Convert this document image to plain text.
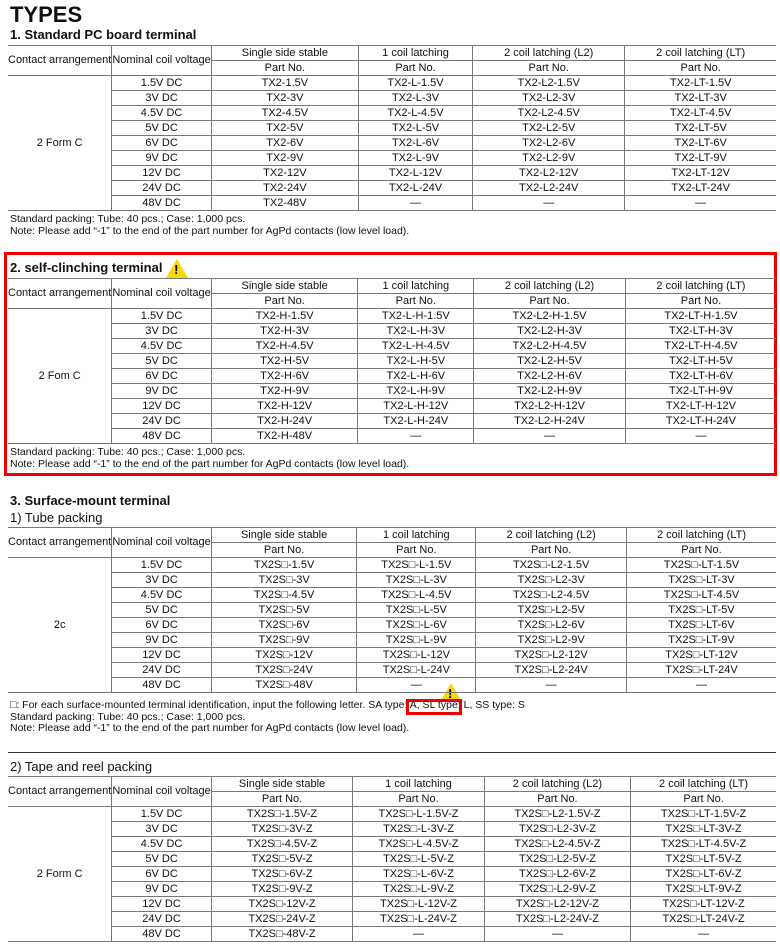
TYPES
1. Standard PC board terminal
2. self-clinching terminal !
3. Surface-mount terminal
1) Tube packing
2) Tape and reel packing
!
Contact arrangement	Nominal coil voltage	Single side stable	1 coil latching	2 coil latching (L2)	2 coil latching (LT)
		Part No.	Part No.	Part No.	Part No.
2 Form C	1.5V DC	TX2-1.5V	TX2-L-1.5V	TX2-L2-1.5V	TX2-LT-1.5V
	3V DC	TX2-3V	TX2-L-3V	TX2-L2-3V	TX2-LT-3V
	4.5V DC	TX2-4.5V	TX2-L-4.5V	TX2-L2-4.5V	TX2-LT-4.5V
	5V DC	TX2-5V	TX2-L-5V	TX2-L2-5V	TX2-LT-5V
	6V DC	TX2-6V	TX2-L-6V	TX2-L2-6V	TX2-LT-6V
	9V DC	TX2-9V	TX2-L-9V	TX2-L2-9V	TX2-LT-9V
	12V DC	TX2-12V	TX2-L-12V	TX2-L2-12V	TX2-LT-12V
	24V DC	TX2-24V	TX2-L-24V	TX2-L2-24V	TX2-LT-24V
	48V DC	TX2-48V	—	—	—
Standard packing: Tube: 40 pcs.; Case: 1,000 pcs.
Note: Please add “-1” to the end of the part number for AgPd contacts (low level load).
Contact arrangement	Nominal coil voltage	Single side stable	1 coil latching	2 coil latching (L2)	2 coil latching (LT)
		Part No.	Part No.	Part No.	Part No.
2 Fom C	1.5V DC	TX2-H-1.5V	TX2-L-H-1.5V	TX2-L2-H-1.5V	TX2-LT-H-1.5V
	3V DC	TX2-H-3V	TX2-L-H-3V	TX2-L2-H-3V	TX2-LT-H-3V
	4.5V DC	TX2-H-4.5V	TX2-L-H-4.5V	TX2-L2-H-4.5V	TX2-LT-H-4.5V
	5V DC	TX2-H-5V	TX2-L-H-5V	TX2-L2-H-5V	TX2-LT-H-5V
	6V DC	TX2-H-6V	TX2-L-H-6V	TX2-L2-H-6V	TX2-LT-H-6V
	9V DC	TX2-H-9V	TX2-L-H-9V	TX2-L2-H-9V	TX2-LT-H-9V
	12V DC	TX2-H-12V	TX2-L-H-12V	TX2-L2-H-12V	TX2-LT-H-12V
	24V DC	TX2-H-24V	TX2-L-H-24V	TX2-L2-H-24V	TX2-LT-H-24V
	48V DC	TX2-H-48V	—	—	—
Standard packing: Tube: 40 pcs.; Case: 1,000 pcs.
Note: Please add “-1” to the end of the part number for AgPd contacts (low level load).
Contact arrangement	Nominal coil voltage	Single side stable	1 coil latching	2 coil latching (L2)	2 coil latching (LT)
		Part No.	Part No.	Part No.	Part No.
2c	1.5V DC	TX2S□-1.5V	TX2S□-L-1.5V	TX2S□-L2-1.5V	TX2S□-LT-1.5V
	3V DC	TX2S□-3V	TX2S□-L-3V	TX2S□-L2-3V	TX2S□-LT-3V
	4.5V DC	TX2S□-4.5V	TX2S□-L-4.5V	TX2S□-L2-4.5V	TX2S□-LT-4.5V
	5V DC	TX2S□-5V	TX2S□-L-5V	TX2S□-L2-5V	TX2S□-LT-5V
	6V DC	TX2S□-6V	TX2S□-L-6V	TX2S□-L2-6V	TX2S□-LT-6V
	9V DC	TX2S□-9V	TX2S□-L-9V	TX2S□-L2-9V	TX2S□-LT-9V
	12V DC	TX2S□-12V	TX2S□-L-12V	TX2S□-L2-12V	TX2S□-LT-12V
	24V DC	TX2S□-24V	TX2S□-L-24V	TX2S□-L2-24V	TX2S□-LT-24V
	48V DC	TX2S□-48V	—	—	—
□: For each surface-mounted terminal identification, input the following letter. SA type: A, SL type: L, SS type: S
Standard packing: Tube: 40 pcs.; Case: 1,000 pcs.
Note: Please add “-1” to the end of the part number for AgPd contacts (low level load).
Contact arrangement	Nominal coil voltage	Single side stable	1 coil latching	2 coil latching (L2)	2 coil latching (LT)
		Part No.	Part No.	Part No.	Part No.
2 Form C	1.5V DC	TX2S□-1.5V-Z	TX2S□-L-1.5V-Z	TX2S□-L2-1.5V-Z	TX2S□-LT-1.5V-Z
	3V DC	TX2S□-3V-Z	TX2S□-L-3V-Z	TX2S□-L2-3V-Z	TX2S□-LT-3V-Z
	4.5V DC	TX2S□-4.5V-Z	TX2S□-L-4.5V-Z	TX2S□-L2-4.5V-Z	TX2S□-LT-4.5V-Z
	5V DC	TX2S□-5V-Z	TX2S□-L-5V-Z	TX2S□-L2-5V-Z	TX2S□-LT-5V-Z
	6V DC	TX2S□-6V-Z	TX2S□-L-6V-Z	TX2S□-L2-6V-Z	TX2S□-LT-6V-Z
	9V DC	TX2S□-9V-Z	TX2S□-L-9V-Z	TX2S□-L2-9V-Z	TX2S□-LT-9V-Z
	12V DC	TX2S□-12V-Z	TX2S□-L-12V-Z	TX2S□-L2-12V-Z	TX2S□-LT-12V-Z
	24V DC	TX2S□-24V-Z	TX2S□-L-24V-Z	TX2S□-L2-24V-Z	TX2S□-LT-24V-Z
	48V DC	TX2S□-48V-Z	—	—	—
